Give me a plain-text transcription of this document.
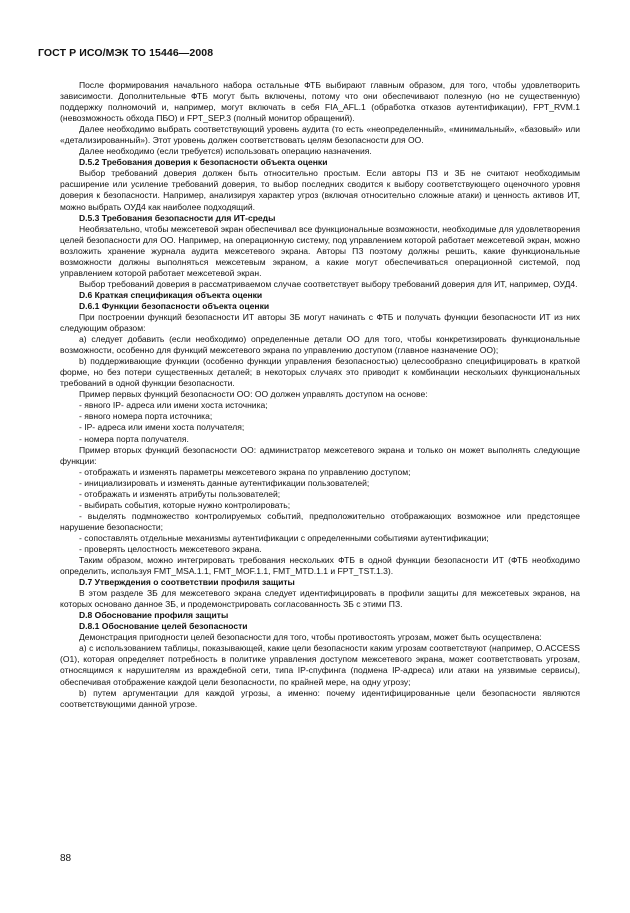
ГОСТ Р ИСО/МЭК ТО 15446—2008

После формирования начального набора остальные ФТБ выбирают главным образом, для того, чтобы удовлетворить зависимости. Дополнительные ФТБ могут быть включены, потому что они обеспечивают полезную (но не существенную) поддержку полномочий и, например, могут включать в себя FIA_AFL.1 (обработка отказов аутентификации), FPT_RVM.1 (невозможность обхода ПБО) и FPT_SEP.3 (полный монитор обращений).

Далее необходимо выбрать соответствующий уровень аудита (то есть «неопределенный», «минимальный», «базовый» или «детализированный»). Этот уровень должен соответствовать целям безопасности для ОО.

Далее необходимо (если требуется) использовать операцию назначения.

D.5.2 Требования доверия к безопасности объекта оценки

Выбор требований доверия должен быть относительно простым. Если авторы ПЗ и ЗБ не считают необходимым расширение или усиление требований доверия, то выбор последних сводится к выбору соответствующего оценочного уровня доверия к безопасности. Например, анализируя характер угроз (включая относительно сложные атаки) и ценность активов ИТ, можно выбрать ОУД4 как наиболее подходящий.

D.5.3 Требования безопасности для ИТ-среды

Необязательно, чтобы межсетевой экран обеспечивал все функциональные возможности, необходимые для удовлетворения целей безопасности для ОО. Например, на операционную систему, под управлением которой работает межсетевой экран, можно возложить хранение журнала аудита межсетевого экрана. Авторы ПЗ поэтому должны решить, какие функциональные возможности должны выполняться межсетевым экраном, а какие могут обеспечиваться операционной системой, под управлением которой работает межсетевой экран.

Выбор требований доверия в рассматриваемом случае соответствует выбору требований доверия для ИТ, например, ОУД4.

D.6 Краткая спецификация объекта оценки

D.6.1 Функции безопасности объекта оценки

При построении функций безопасности ИТ авторы ЗБ могут начинать с ФТБ и получать функции безопасности ИТ из них следующим образом:

a) следует добавить (если необходимо) определенные детали ОО для того, чтобы конкретизировать функциональные возможности, особенно для функций межсетевого экрана по управлению доступом (главное назначение ОО);

b) поддерживающие функции (особенно функции управления безопасностью) целесообразно специфицировать в краткой форме, но без потери существенных деталей; в некоторых случаях это приводит к комбинации нескольких функциональных требований в одной функции безопасности.

Пример первых функций безопасности ОО: ОО должен управлять доступом на основе:

- явного IP- адреса или имени хоста источника;

- явного номера порта источника;

- IP- адреса или имени хоста получателя;

- номера порта получателя.

Пример вторых функций безопасности ОО: администратор межсетевого экрана и только он может выполнять следующие функции:

- отображать и изменять параметры межсетевого экрана по управлению доступом;

- инициализировать и изменять данные аутентификации пользователей;

- отображать и изменять атрибуты пользователей;

- выбирать события, которые нужно контролировать;

- выделять подмножество контролируемых событий, предположительно отображающих возможное или предстоящее нарушение безопасности;

- сопоставлять отдельные механизмы аутентификации с определенными событиями аутентификации;

- проверять целостность межсетевого экрана.

Таким образом, можно интегрировать требования нескольких ФТБ в одной функции безопасности ИТ (ФТБ необходимо определить, используя FMT_MSA.1.1, FMT_MOF.1.1, FMT_MTD.1.1 и FPT_TST.1.3).

D.7 Утверждения о соответствии профиля защиты

В этом разделе ЗБ для межсетевого экрана следует идентифицировать в профили защиты для межсетевых экранов, на которых основано данное ЗБ, и продемонстрировать согласованность ЗБ с этими ПЗ.

D.8 Обоснование профиля защиты

D.8.1 Обоснование целей безопасности

Демонстрация пригодности целей безопасности для того, чтобы противостоять угрозам, может быть осуществлена:

a) с использованием таблицы, показывающей, какие цели безопасности каким угрозам соответствуют (например, O.ACCESS (O1), которая определяет потребность в политике управления доступом межсетевого экрана, может соответствовать угрозам, относящимся к нарушителям из враждебной сети, типа IP-спуфинга (подмена IP-адреса) или атаки на уязвимые сервисы), обеспечивая отображение каждой цели безопасности, по крайней мере, на одну угрозу;

b) путем аргументации для каждой угрозы, а именно: почему идентифицированные цели безопасности являются соответствующими данной угрозе.

88
